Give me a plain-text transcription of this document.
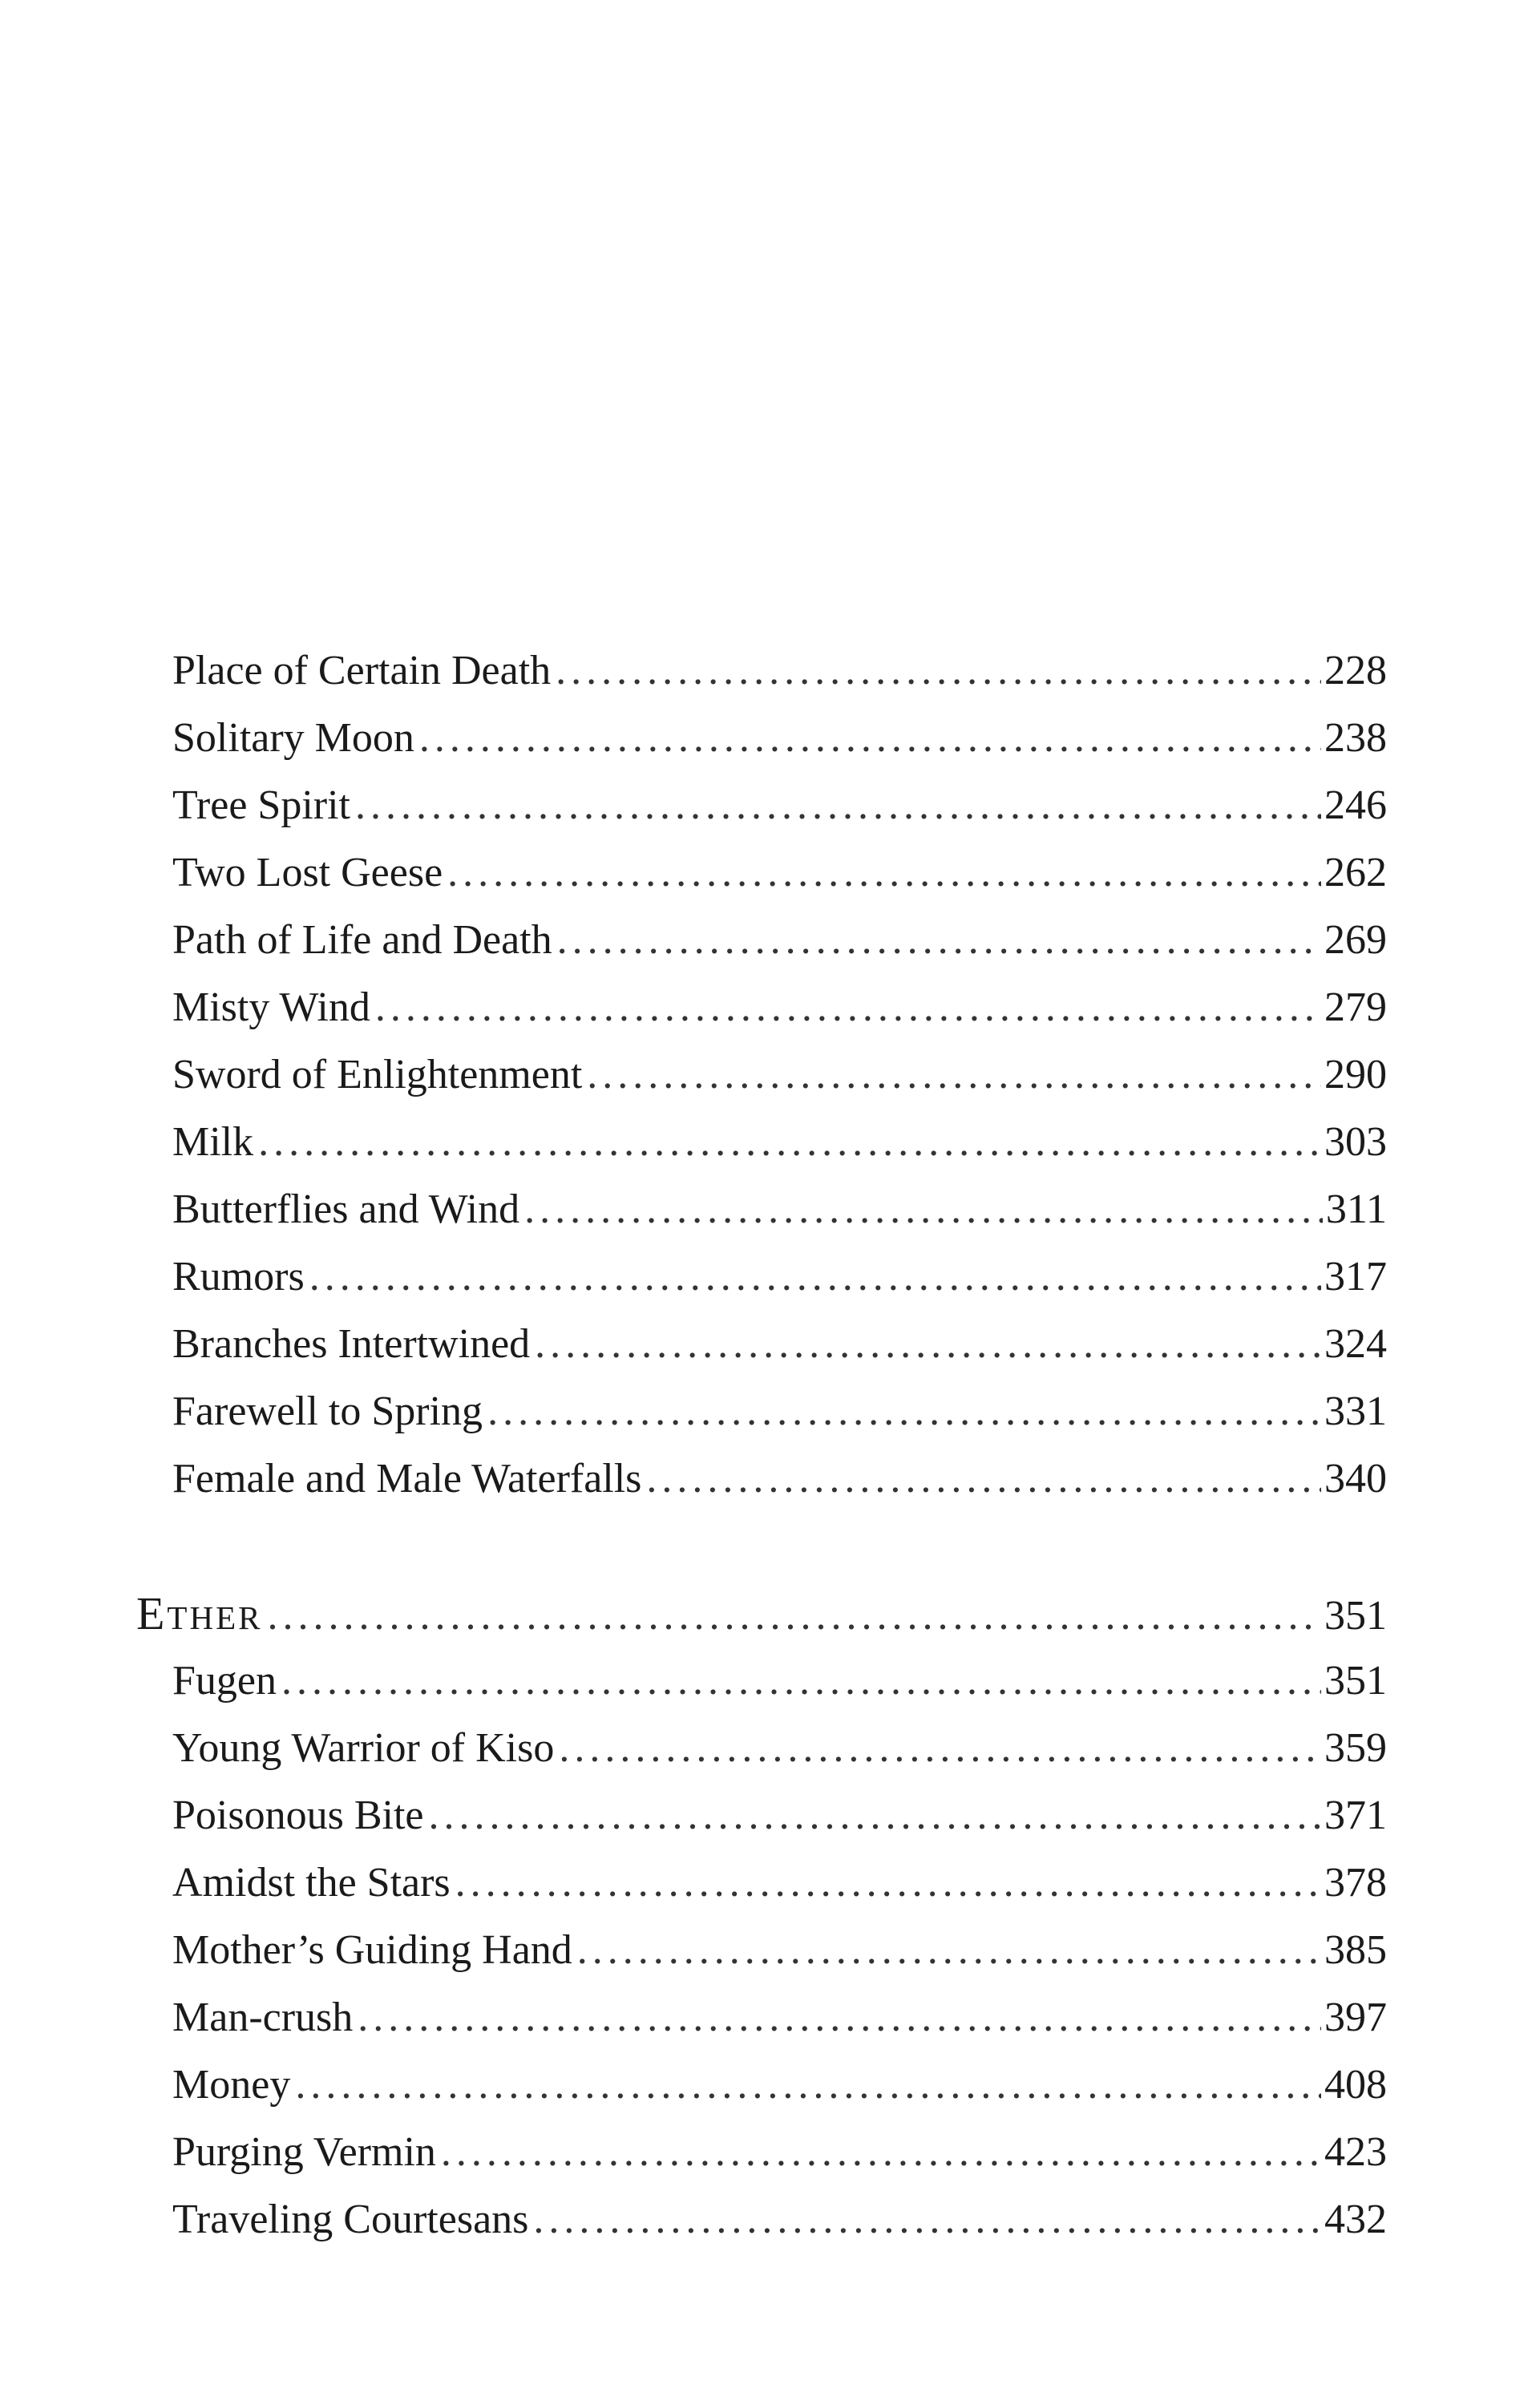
Place of Certain Death .....	228
Solitary Moon .....	238
Tree Spirit .....	246
Two Lost Geese .....	262
Path of Life and Death .....	269
Misty Wind .....	279
Sword of Enlightenment .....	290
Milk .....	303
Butterflies and Wind .....	311
Rumors .....	317
Branches Intertwined .....	324
Farewell to Spring .....	331
Female and Male Waterfalls .....	340
Ether .....	351
Fugen .....	351
Young Warrior of Kiso .....	359
Poisonous Bite .....	371
Amidst the Stars .....	378
Mother’s Guiding Hand .....	385
Man-crush .....	397
Money .....	408
Purging Vermin .....	423
Traveling Courtesans .....	432
